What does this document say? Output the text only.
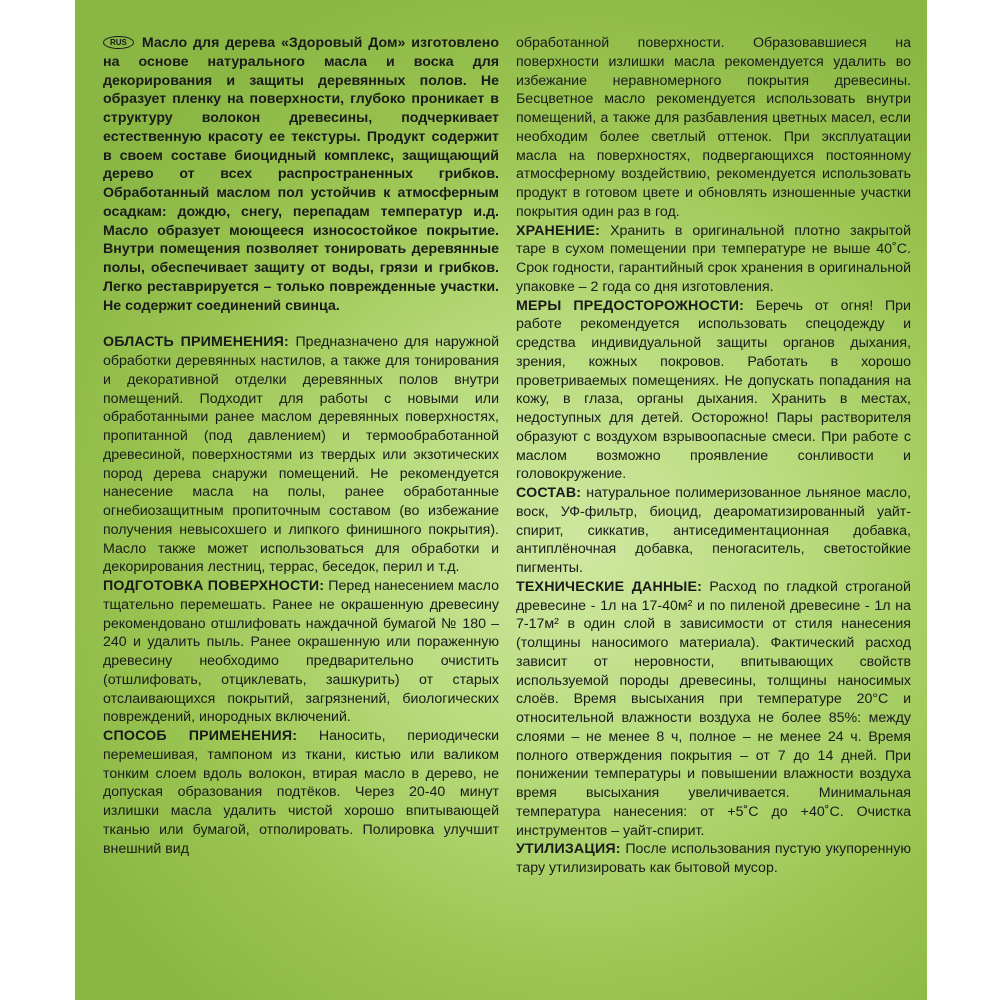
RUS Масло для дерева «Здоровый Дом» изготовлено на основе натурального масла и воска для декорирования и защиты деревянных полов. Не образует пленку на поверхности, глубоко проникает в структуру волокон древесины, подчеркивает естественную красоту ее текстуры. Продукт содержит в своем составе биоцидный комплекс, защищающий дерево от всех распространенных грибков. Обработанный маслом пол устойчив к атмосферным осадкам: дождю, снегу, перепадам температур и.д. Масло образует моющееся износостойкое покрытие. Внутри помещения позволяет тонировать деревянные полы, обеспечивает защиту от воды, грязи и грибков. Легко реставрируется – только поврежденные участки. Не содержит соединений свинца.

ОБЛАСТЬ ПРИМЕНЕНИЯ: Предназначено для наружной обработки деревянных настилов, а также для тонирования и декоративной отделки деревянных полов внутри помещений. Подходит для работы с новыми или обработанными ранее маслом деревянных поверхностях, пропитанной (под давлением) и термообработанной древесиной, поверхностями из твердых или экзотических пород дерева снаружи помещений. Не рекомендуется нанесение масла на полы, ранее обработанные огнебиозащитным пропиточным составом (во избежание получения невысохшего и липкого финишного покрытия). Масло также может использоваться для обработки и декорирования лестниц, террас, беседок, перил и т.д.

ПОДГОТОВКА ПОВЕРХНОСТИ: Перед нанесением масло тщательно перемешать. Ранее не окрашенную древесину рекомендовано отшлифовать наждачной бумагой № 180 – 240 и удалить пыль. Ранее окрашенную или пораженную древесину необходимо предварительно очистить (отшлифовать, отциклевать, зашкурить) от старых отслаивающихся покрытий, загрязнений, биологических повреждений, инородных включений.

СПОСОБ ПРИМЕНЕНИЯ: Наносить, периодически перемешивая, тампоном из ткани, кистью или валиком тонким слоем вдоль волокон, втирая масло в дерево, не допуская образования подтёков. Через 20-40 минут излишки масла удалить чистой хорошо впитывающей тканью или бумагой, отполировать. Полировка улучшит внешний вид

обработанной поверхности. Образовавшиеся на поверхности излишки масла рекомендуется удалить во избежание неравномерного покрытия древесины. Бесцветное масло рекомендуется использовать внутри помещений, а также для разбавления цветных масел, если необходим более светлый оттенок. При эксплуатации масла на поверхностях, подвергающихся постоянному атмосферному воздействию, рекомендуется использовать продукт в готовом цвете и обновлять изношенные участки покрытия один раз в год.

ХРАНЕНИЕ: Хранить в оригинальной плотно закрытой таре в сухом помещении при температуре не выше 40˚С. Срок годности, гарантийный срок хранения в оригинальной упаковке – 2 года со дня изготовления.

МЕРЫ ПРЕДОСТОРОЖНОСТИ: Беречь от огня! При работе рекомендуется использовать спецодежду и средства индивидуальной защиты органов дыхания, зрения, кожных покровов. Работать в хорошо проветриваемых помещениях. Не допускать попадания на кожу, в глаза, органы дыхания. Хранить в местах, недоступных для детей. Осторожно! Пары растворителя образуют с воздухом взрывоопасные смеси. При работе с маслом возможно проявление сонливости и головокружение.

СОСТАВ: натуральное полимеризованное льняное масло, воск, УФ-фильтр, биоцид, деароматизированный уайт-спирит, сиккатив, антиседиментационная добавка, антиплёночная добавка, пеногаситель, светостойкие пигменты.

ТЕХНИЧЕСКИЕ ДАННЫЕ: Расход по гладкой строганой древесине - 1л на 17-40м² и по пиленой древесине - 1л на 7-17м² в один слой в зависимости от стиля нанесения (толщины наносимого материала). Фактический расход зависит от неровности, впитывающих свойств используемой породы древесины, толщины наносимых слоёв. Время высыхания при температуре 20°С и относительной влажности воздуха не более 85%: между слоями – не менее 8 ч, полное – не менее 24 ч. Время полного отверждения покрытия – от 7 до 14 дней. При понижении температуры и повышении влажности воздуха время высыхания увеличивается. Минимальная температура нанесения: от +5˚С до +40˚С. Очистка инструментов – уайт-спирит.

УТИЛИЗАЦИЯ: После использования пустую укупоренную тару утилизировать как бытовой мусор.
